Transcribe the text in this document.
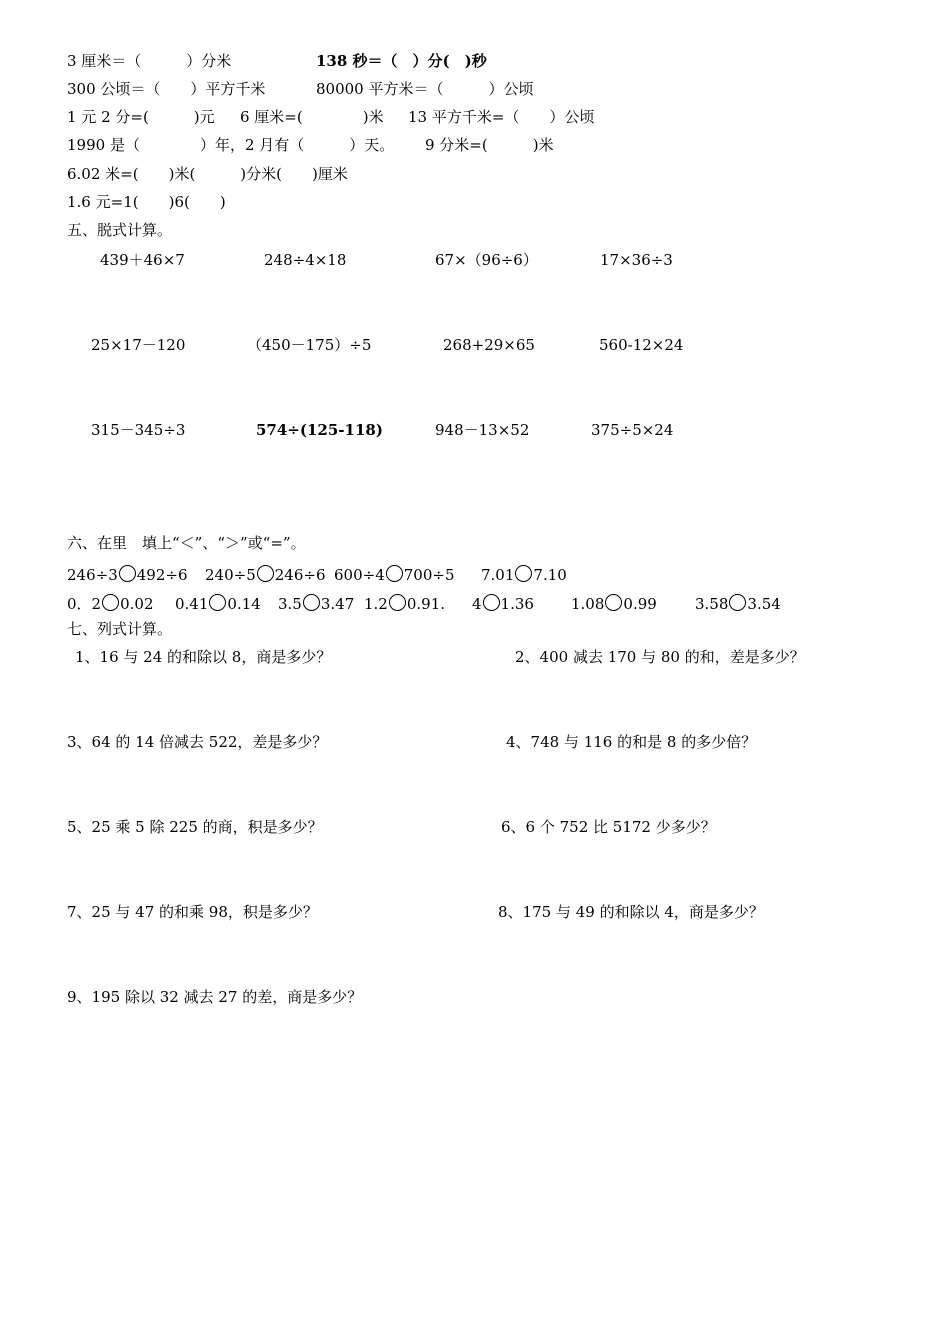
3 厘米＝（　　　）分米	138 秒＝（　）分(　)秒
300 公顷＝（　　）平方千米	80000 平方米＝（　　　）公顷
1 元 2 分=(　　　)元 6 厘米=(　　　　)米 13 平方千米=（　　）公顷
1990 是（　　　　）年，2 月有（　　　）天。 9 分米=(　　　)米
6.02 米=(　　)米(　　　)分米(　　)厘米
1.6 元=1(　　)6(　　)
五、脱式计算。
439＋46×7	248÷4×18	67×（96÷6）	17×36÷3
25×17－120	（450－175）÷5	268+29×65	560-12×24
315－345÷3	574÷(125-118)	948－13×52	375÷5×24
六、在里　填上“＜”、“＞”或“=”。
246÷3 492÷6 240÷5 246÷6 600÷4 700÷5 7.01 7.10
0．2 0.02 0.41 0.14 3.5 3.47 1.2 0.91. 4 1.36 1.08 0.99	3.58 3.54
七、列式计算。
1、16 与 24 的和除以 8，商是多少？	2、400 减去 170 与 80 的和，差是多少？
3、64 的 14 倍减去 522，差是多少？	4、748 与 116 的和是 8 的多少倍？
5、25 乘 5 除 225 的商，积是多少？	6、6 个 752 比 5172 少多少？
7、25 与 47 的和乘 98，积是多少？	8、175 与 49 的和除以 4，商是多少？
9、195 除以 32 减去 27 的差，商是多少？
